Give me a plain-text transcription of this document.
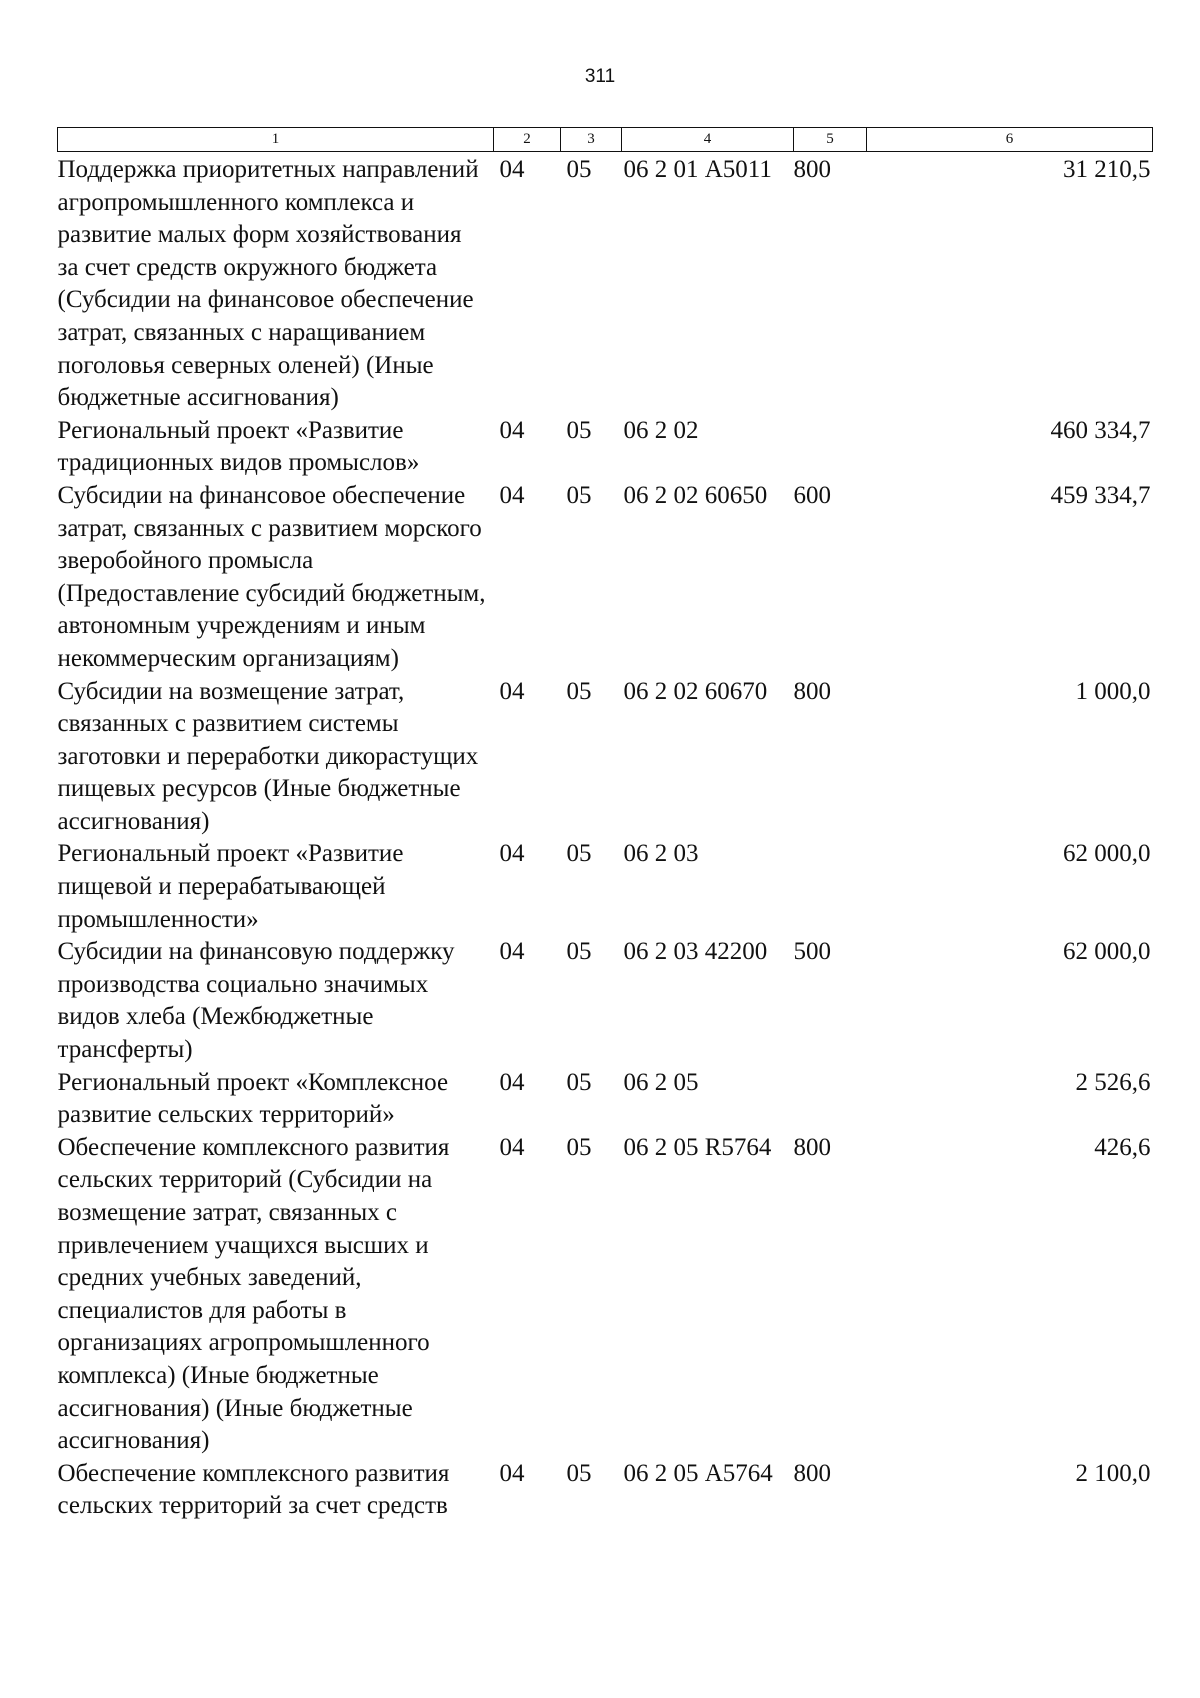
311
1	2	3	4	5	6
Поддержка приоритетных направлений агропромышленного комплекса и развитие малых форм хозяйствования за счет средств окружного бюджета (Субсидии на финансовое обеспечение затрат, связанных с наращиванием поголовья северных оленей) (Иные бюджетные ассигнования)	04	05	06 2 01 А5011	800	31 210,5
Региональный проект «Развитие традиционных видов промыслов»	04	05	06 2 02		460 334,7
Субсидии на финансовое обеспечение затрат, связанных с развитием морского зверобойного промысла (Предоставление субсидий бюджетным, автономным учреждениям и иным некоммерческим организациям)	04	05	06 2 02 60650	600	459 334,7
Субсидии на возмещение затрат, связанных с развитием системы заготовки и переработки дикорастущих пищевых ресурсов (Иные бюджетные ассигнования)	04	05	06 2 02 60670	800	1 000,0
Региональный проект «Развитие пищевой и перерабатывающей промышленности»	04	05	06 2 03		62 000,0
Субсидии на финансовую поддержку производства социально значимых видов хлеба (Межбюджетные трансферты)	04	05	06 2 03 42200	500	62 000,0
Региональный проект «Комплексное развитие сельских территорий»	04	05	06 2 05		2 526,6
Обеспечение комплексного развития сельских территорий (Субсидии на возмещение затрат, связанных с привлечением учащихся высших и средних учебных заведений, специалистов для работы в организациях агропромышленного комплекса) (Иные бюджетные ассигнования) (Иные бюджетные ассигнования)	04	05	06 2 05 R5764	800	426,6
Обеспечение комплексного развития сельских территорий за счет средств	04	05	06 2 05 А5764	800	2 100,0
